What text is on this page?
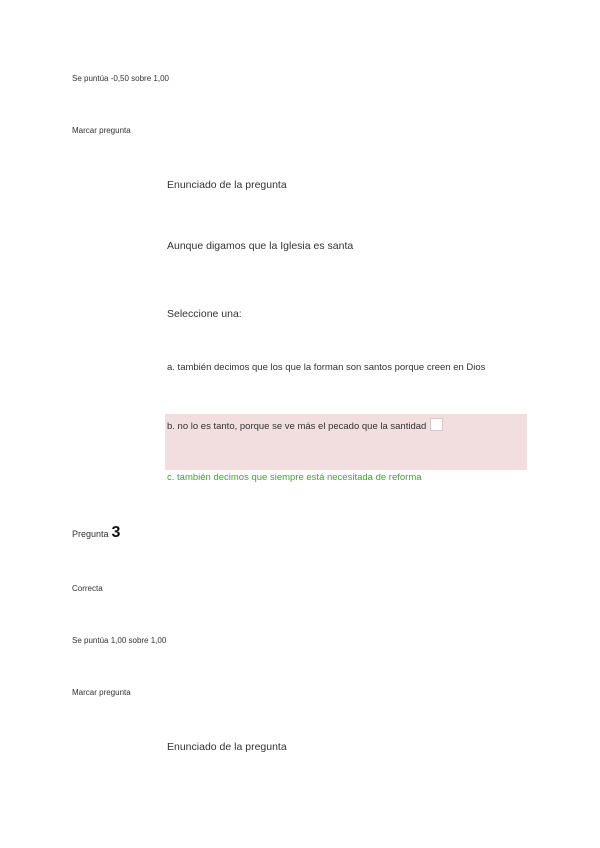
Se puntúa -0,50 sobre 1,00
Marcar pregunta
Enunciado de la pregunta
Aunque digamos que la Iglesia es santa
Seleccione una:
a. también decimos que los que la forman son santos porque creen en Dios
b. no lo es tanto, porque se ve más el pecado que la santidad
c. también decimos que siempre está necesitada de reforma
Pregunta 3
Correcta
Se puntúa 1,00 sobre 1,00
Marcar pregunta
Enunciado de la pregunta
